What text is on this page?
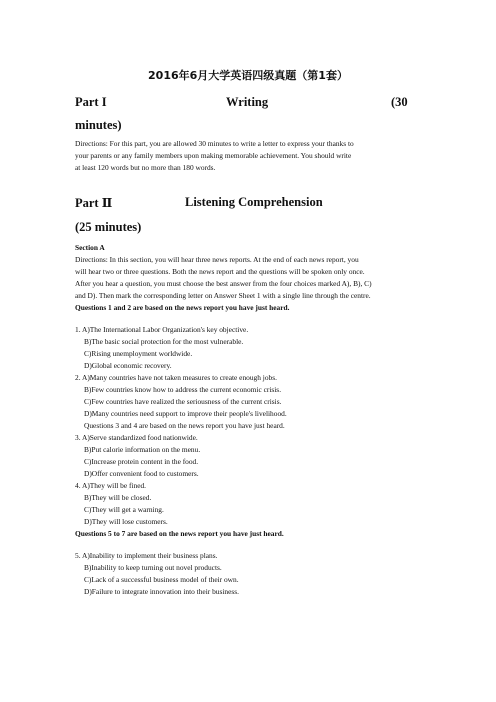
2016年6月大学英语四级真题（第1套）
Part I	Writing	(30
minutes)
Directions: For this part, you are allowed 30 minutes to write a letter to express your thanks to
your parents or any family members upon making memorable achievement. You should write
at least 120 words but no more than 180 words.
Part Ⅱ	Listening Comprehension
(25 minutes)
Section A
Directions: In this section, you will hear three news reports. At the end of each news report, you
will hear two or three questions. Both the news report and the questions will be spoken only once.
After you hear a question, you must choose the best answer from the four choices marked A), B), C)
and D). Then mark the corresponding letter on Answer Sheet 1 with a single line through the centre.
Questions 1 and 2 are based on the news report you have just heard.
1. A)The International Labor Organization's key objective.
B)The basic social protection for the most vulnerable.
C)Rising unemployment worldwide.
D)Global economic recovery.
2. A)Many countries have not taken measures to create enough jobs.
B)Few countries know how to address the current economic crisis.
C)Few countries have realized the seriousness of the current crisis.
D)Many countries need support to improve their people's livelihood.
Questions 3 and 4 are based on the news report you have just heard.
3. A)Serve standardized food nationwide.
B)Put calorie information on the menu.
C)Increase protein content in the food.
D)Offer convenient food to customers.
4. A)They will be fined.
B)They will be closed.
C)They will get a warning.
D)They will lose customers.
Questions 5 to 7 are based on the news report you have just heard.
5. A)Inability to implement their business plans.
B)Inability to keep turning out novel products.
C)Lack of a successful business model of their own.
D)Failure to integrate innovation into their business.
